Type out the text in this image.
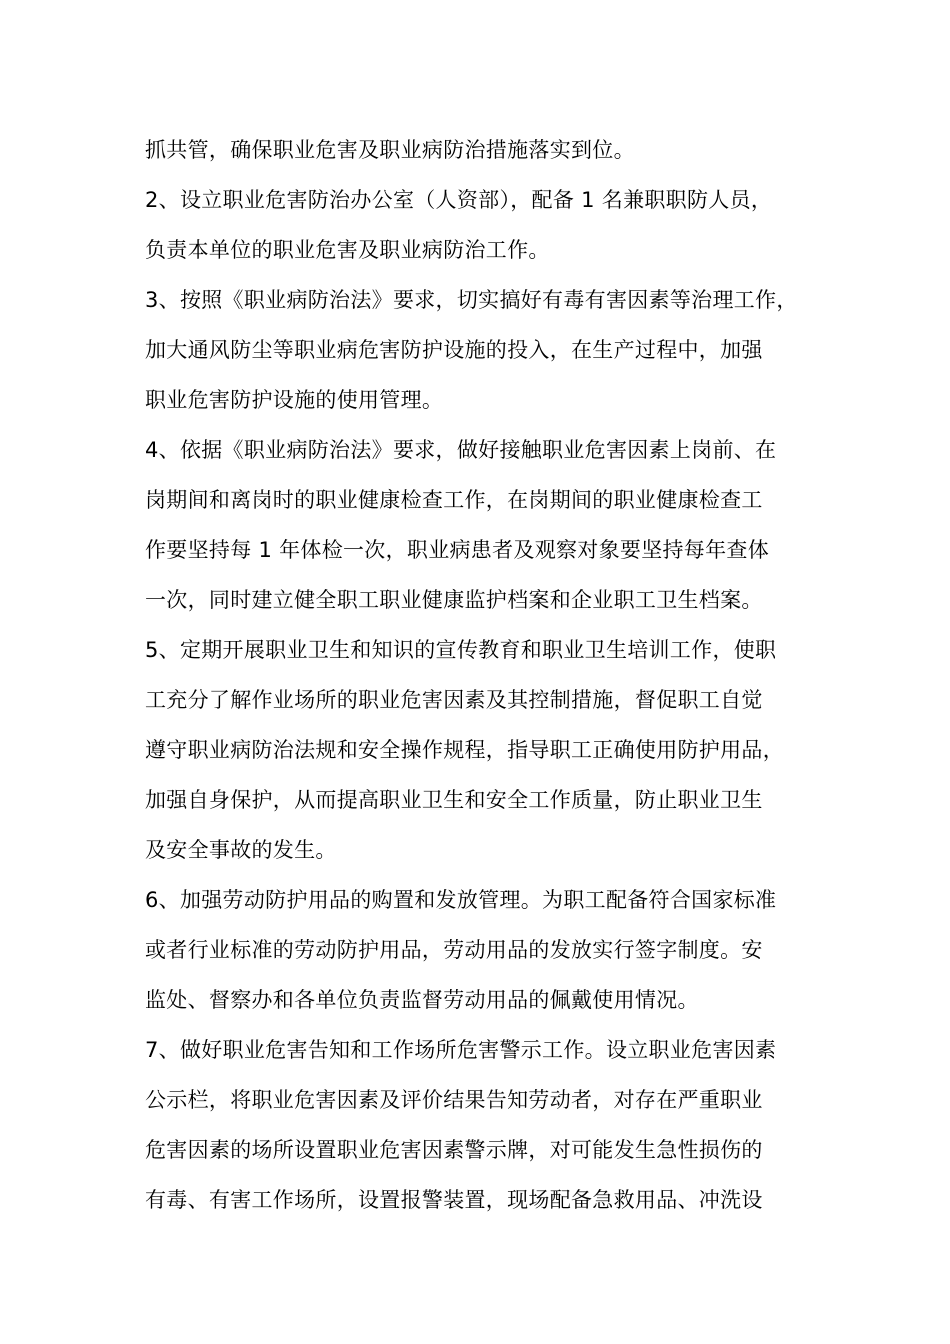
抓共管，确保职业危害及职业病防治措施落实到位。
2、设立职业危害防治办公室（人资部），配备 1 名兼职职防人员，
负责本单位的职业危害及职业病防治工作。
3、按照《职业病防治法》要求，切实搞好有毒有害因素等治理工作，
加大通风防尘等职业病危害防护设施的投入，在生产过程中，加强
职业危害防护设施的使用管理。
4、依据《职业病防治法》要求，做好接触职业危害因素上岗前、在
岗期间和离岗时的职业健康检查工作，在岗期间的职业健康检查工
作要坚持每 1 年体检一次，职业病患者及观察对象要坚持每年查体
一次，同时建立健全职工职业健康监护档案和企业职工卫生档案。
5、定期开展职业卫生和知识的宣传教育和职业卫生培训工作，使职
工充分了解作业场所的职业危害因素及其控制措施，督促职工自觉
遵守职业病防治法规和安全操作规程，指导职工正确使用防护用品，
加强自身保护，从而提高职业卫生和安全工作质量，防止职业卫生
及安全事故的发生。
6、加强劳动防护用品的购置和发放管理。为职工配备符合国家标准
或者行业标准的劳动防护用品，劳动用品的发放实行签字制度。安
监处、督察办和各单位负责监督劳动用品的佩戴使用情况。
7、做好职业危害告知和工作场所危害警示工作。设立职业危害因素
公示栏，将职业危害因素及评价结果告知劳动者，对存在严重职业
危害因素的场所设置职业危害因素警示牌，对可能发生急性损伤的
有毒、有害工作场所，设置报警装置，现场配备急救用品、冲洗设
